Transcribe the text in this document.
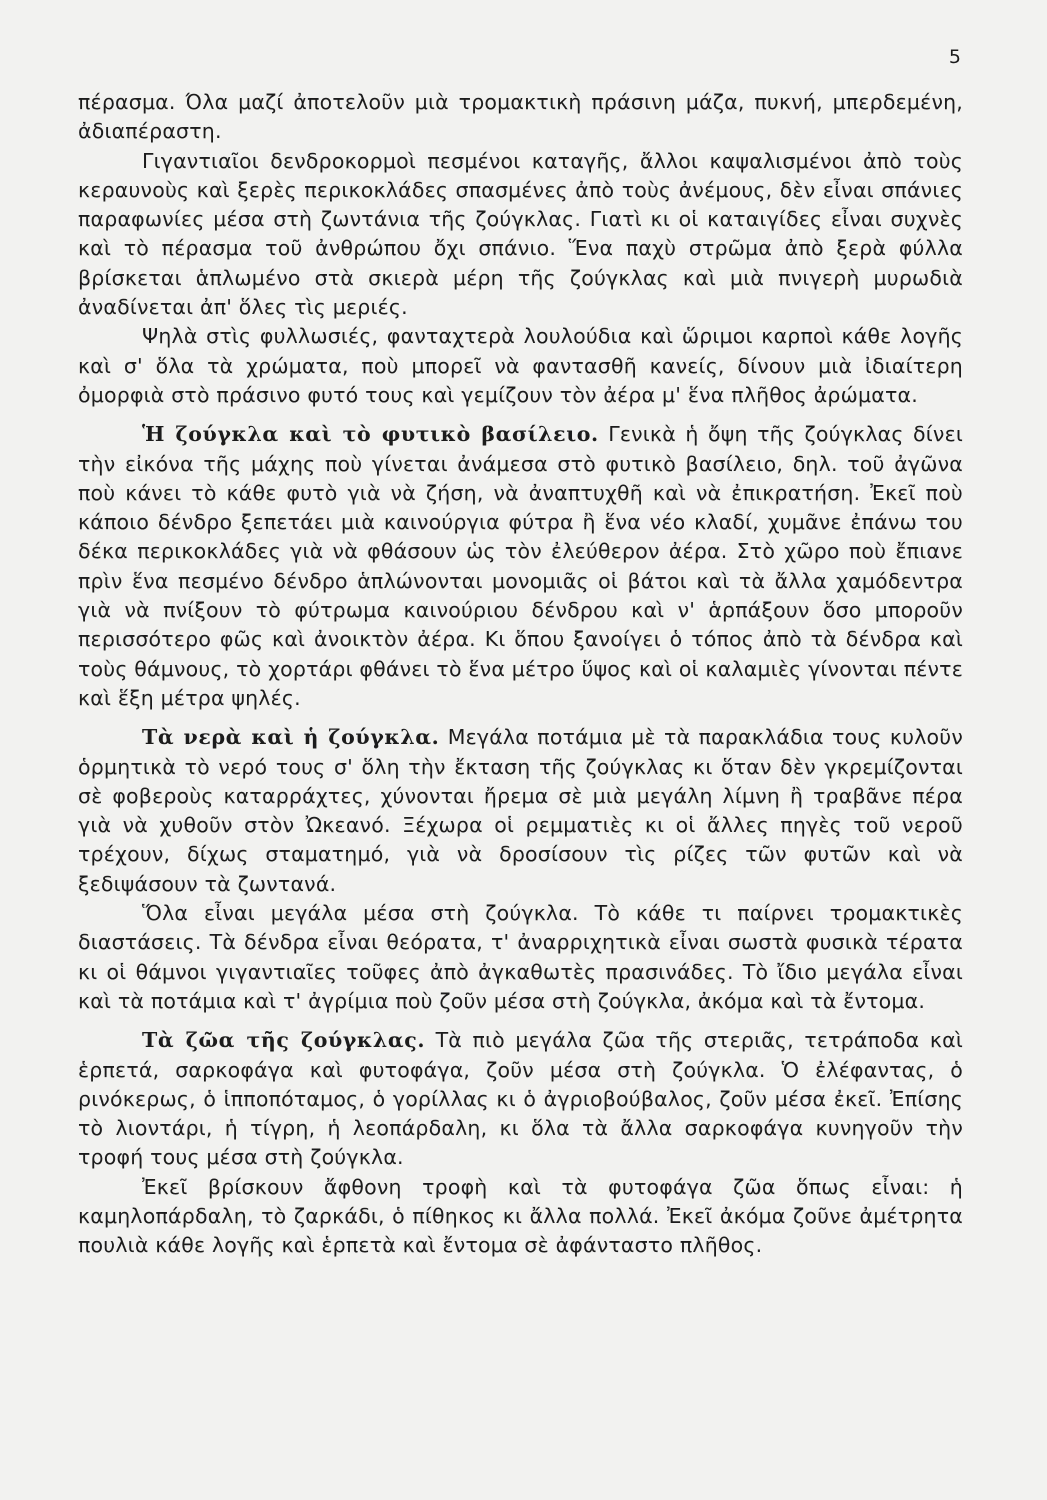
5

πέρασμα. Όλα μαζί ἀποτελοῦν μιὰ τρομακτικὴ πράσινη μάζα, πυκνή, μπερδεμένη, ἀδιαπέραστη.

Γιγαντιαῖοι δενδροκορμοὶ πεσμένοι καταγῆς, ἄλλοι καψαλισμένοι ἀπὸ τοὺς κεραυνοὺς καὶ ξερὲς περικοκλάδες σπασμένες ἀπὸ τοὺς ἀνέμους, δὲν εἶναι σπάνιες παραφωνίες μέσα στὴ ζωντάνια τῆς ζούγκλας. Γιατὶ κι οἱ καταιγίδες εἶναι συχνὲς καὶ τὸ πέρασμα τοῦ ἀνθρώπου ὄχι σπάνιο. Ἕνα παχὺ στρῶμα ἀπὸ ξερὰ φύλλα βρίσκεται ἁπλωμένο στὰ σκιερὰ μέρη τῆς ζούγκλας καὶ μιὰ πνιγερὴ μυρωδιὰ ἀναδίνεται ἀπ' ὅλες τὶς μεριές.

Ψηλὰ στὶς φυλλωσιές, φανταχτερὰ λουλούδια καὶ ὥριμοι καρποὶ κάθε λογῆς καὶ σ' ὅλα τὰ χρώματα, ποὺ μπορεῖ νὰ φαντασθῆ κανείς, δίνουν μιὰ ἰδιαίτερη ὀμορφιὰ στὸ πράσινο φυτό τους καὶ γεμίζουν τὸν ἀέρα μ' ἕνα πλῆθος ἀρώματα.

Ἡ ζούγκλα καὶ τὸ φυτικὸ βασίλειο. Γενικὰ ἡ ὄψη τῆς ζούγκλας δίνει τὴν εἰκόνα τῆς μάχης ποὺ γίνεται ἀνάμεσα στὸ φυτικὸ βασίλειο, δηλ. τοῦ ἀγῶνα ποὺ κάνει τὸ κάθε φυτὸ γιὰ νὰ ζήση, νὰ ἀναπτυχθῆ καὶ νὰ ἐπικρατήση. Ἐκεῖ ποὺ κάποιο δένδρο ξεπετάει μιὰ καινούργια φύτρα ἢ ἕνα νέο κλαδί, χυμᾶνε ἐπάνω του δέκα περικοκλάδες γιὰ νὰ φθάσουν ὡς τὸν ἐλεύθερον ἀέρα. Στὸ χῶρο ποὺ ἔπιανε πρὶν ἕνα πεσμένο δένδρο ἁπλώνονται μονομιᾶς οἱ βάτοι καὶ τὰ ἄλλα χαμόδεντρα γιὰ νὰ πνίξουν τὸ φύτρωμα καινούριου δένδρου καὶ ν' ἁρπάξουν ὅσο μποροῦν περισσότερο φῶς καὶ ἀνοικτὸν ἀέρα. Κι ὅπου ξανοίγει ὁ τόπος ἀπὸ τὰ δένδρα καὶ τοὺς θάμνους, τὸ χορτάρι φθάνει τὸ ἕνα μέτρο ὕψος καὶ οἱ καλαμιὲς γίνονται πέντε καὶ ἕξη μέτρα ψηλές.

Τὰ νερὰ καὶ ἡ ζούγκλα. Μεγάλα ποτάμια μὲ τὰ παρακλάδια τους κυλοῦν ὁρμητικὰ τὸ νερό τους σ' ὅλη τὴν ἔκταση τῆς ζούγκλας κι ὅταν δὲν γκρεμίζονται σὲ φοβεροὺς καταρράχτες, χύνονται ἤρεμα σὲ μιὰ μεγάλη λίμνη ἢ τραβᾶνε πέρα γιὰ νὰ χυθοῦν στὸν Ὠκεανό. Ξέχωρα οἱ ρεμματιὲς κι οἱ ἄλλες πηγὲς τοῦ νεροῦ τρέχουν, δίχως σταματημό, γιὰ νὰ δροσίσουν τὶς ρίζες τῶν φυτῶν καὶ νὰ ξεδιψάσουν τὰ ζωντανά.

Ὅλα εἶναι μεγάλα μέσα στὴ ζούγκλα. Τὸ κάθε τι παίρνει τρομακτικὲς διαστάσεις. Τὰ δένδρα εἶναι θεόρατα, τ' ἀναρριχητικὰ εἶναι σωστὰ φυσικὰ τέρατα κι οἱ θάμνοι γιγαντιαῖες τοῦφες ἀπὸ ἀγκαθωτὲς πρασινάδες. Τὸ ἴδιο μεγάλα εἶναι καὶ τὰ ποτάμια καὶ τ' ἀγρίμια ποὺ ζοῦν μέσα στὴ ζούγκλα, ἀκόμα καὶ τὰ ἔντομα.

Τὰ ζῶα τῆς ζούγκλας. Τὰ πιὸ μεγάλα ζῶα τῆς στεριᾶς, τετράποδα καὶ ἑρπετά, σαρκοφάγα καὶ φυτοφάγα, ζοῦν μέσα στὴ ζούγκλα. Ὁ ἐλέφαντας, ὁ ρινόκερως, ὁ ἱπποπόταμος, ὁ γορίλλας κι ὁ ἀγριοβούβαλος, ζοῦν μέσα ἐκεῖ. Ἐπίσης τὸ λιοντάρι, ἡ τίγρη, ἡ λεοπάρδαλη, κι ὅλα τὰ ἄλλα σαρκοφάγα κυνηγοῦν τὴν τροφή τους μέσα στὴ ζούγκλα.

Ἐκεῖ βρίσκουν ἄφθονη τροφὴ καὶ τὰ φυτοφάγα ζῶα ὅπως εἶναι: ἡ καμηλοπάρδαλη, τὸ ζαρκάδι, ὁ πίθηκος κι ἄλλα πολλά. Ἐκεῖ ἀκόμα ζοῦνε ἀμέτρητα πουλιὰ κάθε λογῆς καὶ ἑρπετὰ καὶ ἔντομα σὲ ἀφάνταστο πλῆθος.
